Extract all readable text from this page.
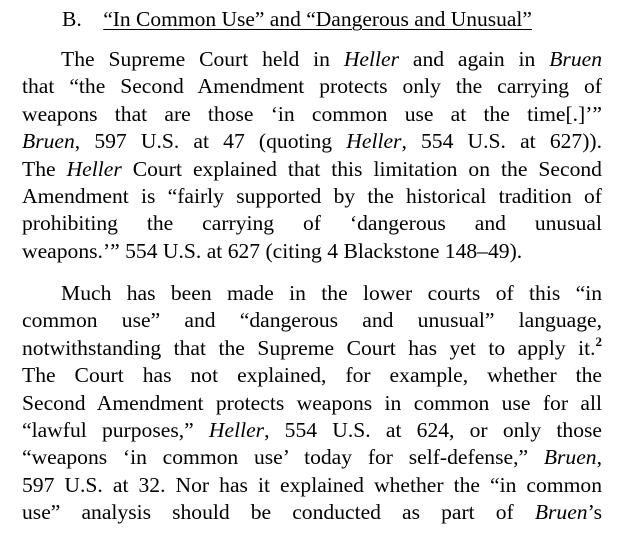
B. “In Common Use” and “Dangerous and Unusual”
The Supreme Court held in Heller and again in Bruen
that “the Second Amendment protects only the carrying of
weapons that are those ‘in common use at the time[.]’”
Bruen, 597 U.S. at 47 (quoting Heller, 554 U.S. at 627)).
The Heller Court explained that this limitation on the Second
Amendment is “fairly supported by the historical tradition of
prohibiting the carrying of ‘dangerous and unusual
weapons.’” 554 U.S. at 627 (citing 4 Blackstone 148–49).
Much has been made in the lower courts of this “in
common use” and “dangerous and unusual” language,
notwithstanding that the Supreme Court has yet to apply it.$^2$
The Court has not explained, for example, whether the
Second Amendment protects weapons in common use for all
“lawful purposes,” Heller, 554 U.S. at 624, or only those
“weapons ‘in common use’ today for self-defense,” Bruen,
597 U.S. at 32. Nor has it explained whether the “in common
use” analysis should be conducted as part of Bruen’s
